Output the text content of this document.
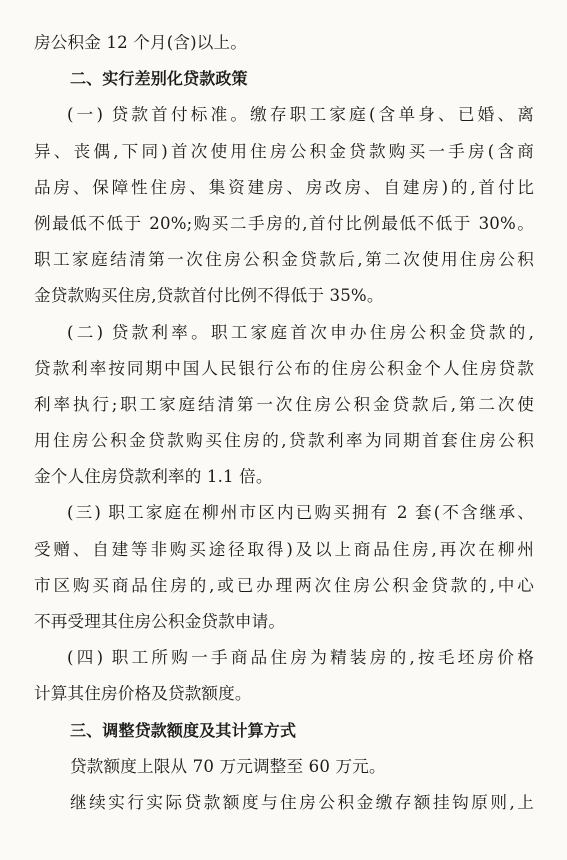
房公积金 12 个月(含)以上。
二、实行差别化贷款政策
(一) 贷款首付标准。缴存职工家庭(含单身、已婚、离
异、丧偶,下同)首次使用住房公积金贷款购买一手房(含商
品房、保障性住房、集资建房、房改房、自建房)的,首付比
例最低不低于 20%;购买二手房的,首付比例最低不低于 30%。
职工家庭结清第一次住房公积金贷款后,第二次使用住房公积
金贷款购买住房,贷款首付比例不得低于 35%。
(二) 贷款利率。职工家庭首次申办住房公积金贷款的,
贷款利率按同期中国人民银行公布的住房公积金个人住房贷款
利率执行;职工家庭结清第一次住房公积金贷款后,第二次使
用住房公积金贷款购买住房的,贷款利率为同期首套住房公积
金个人住房贷款利率的 1.1 倍。
(三) 职工家庭在柳州市区内已购买拥有 2 套(不含继承、
受赠、自建等非购买途径取得)及以上商品住房,再次在柳州
市区购买商品住房的,或已办理两次住房公积金贷款的,中心
不再受理其住房公积金贷款申请。
(四) 职工所购一手商品住房为精装房的,按毛坯房价格
计算其住房价格及贷款额度。
三、调整贷款额度及其计算方式
贷款额度上限从 70 万元调整至 60 万元。
继续实行实际贷款额度与住房公积金缴存额挂钩原则,上
